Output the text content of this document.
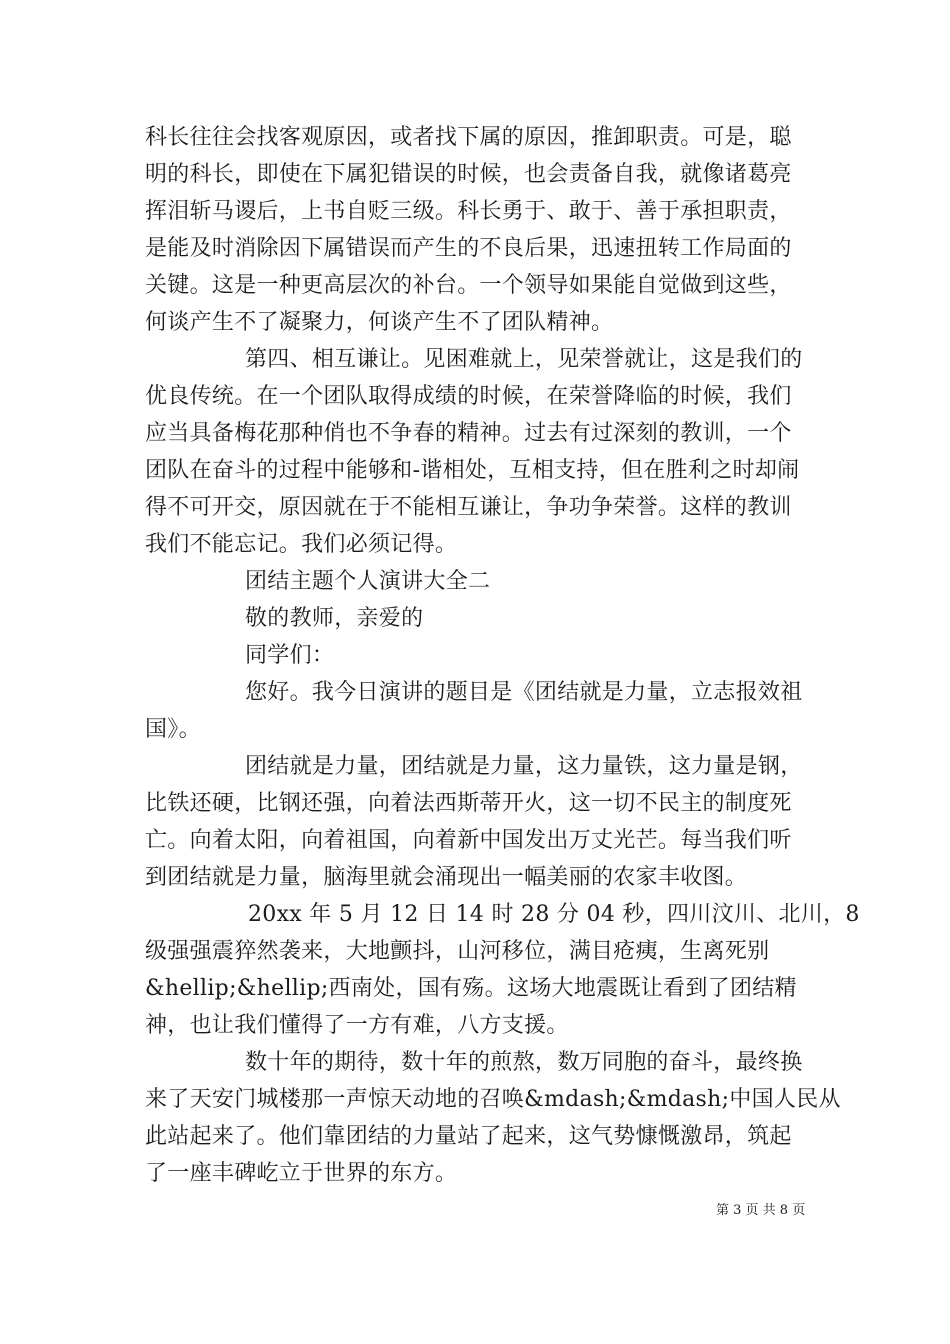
科长往往会找客观原因，或者找下属的原因，推卸职责。可是，聪
明的科长，即使在下属犯错误的时候，也会责备自我，就像诸葛亮
挥泪斩马谡后，上书自贬三级。科长勇于、敢于、善于承担职责，
是能及时消除因下属错误而产生的不良后果，迅速扭转工作局面的
关键。这是一种更高层次的补台。一个领导如果能自觉做到这些，
何谈产生不了凝聚力，何谈产生不了团队精神。
第四、相互谦让。见困难就上，见荣誉就让，这是我们的
优良传统。在一个团队取得成绩的时候，在荣誉降临的时候，我们
应当具备梅花那种俏也不争春的精神。过去有过深刻的教训，一个
团队在奋斗的过程中能够和-谐相处，互相支持，但在胜利之时却闹
得不可开交，原因就在于不能相互谦让，争功争荣誉。这样的教训
我们不能忘记。我们必须记得。
团结主题个人演讲大全二
敬的教师，亲爱的
同学们：
您好。我今日演讲的题目是《团结就是力量，立志报效祖
国》。
团结就是力量，团结就是力量，这力量铁，这力量是钢，
比铁还硬，比钢还强，向着法西斯蒂开火，这一切不民主的制度死
亡。向着太阳，向着祖国，向着新中国发出万丈光芒。每当我们听
到团结就是力量，脑海里就会涌现出一幅美丽的农家丰收图。
20xx 年 5 月 12 日 14 时 28 分 04 秒，四川汶川、北川，8
级强强震猝然袭来，大地颤抖，山河移位，满目疮痍，生离死别
&hellip;&hellip;西南处，国有殇。这场大地震既让看到了团结精
神，也让我们懂得了一方有难，八方支援。
数十年的期待，数十年的煎熬，数万同胞的奋斗，最终换
来了天安门城楼那一声惊天动地的召唤&mdash;&mdash;中国人民从
此站起来了。他们靠团结的力量站了起来，这气势慷慨激昂，筑起
了一座丰碑屹立于世界的东方。
第 3 页 共 8 页
